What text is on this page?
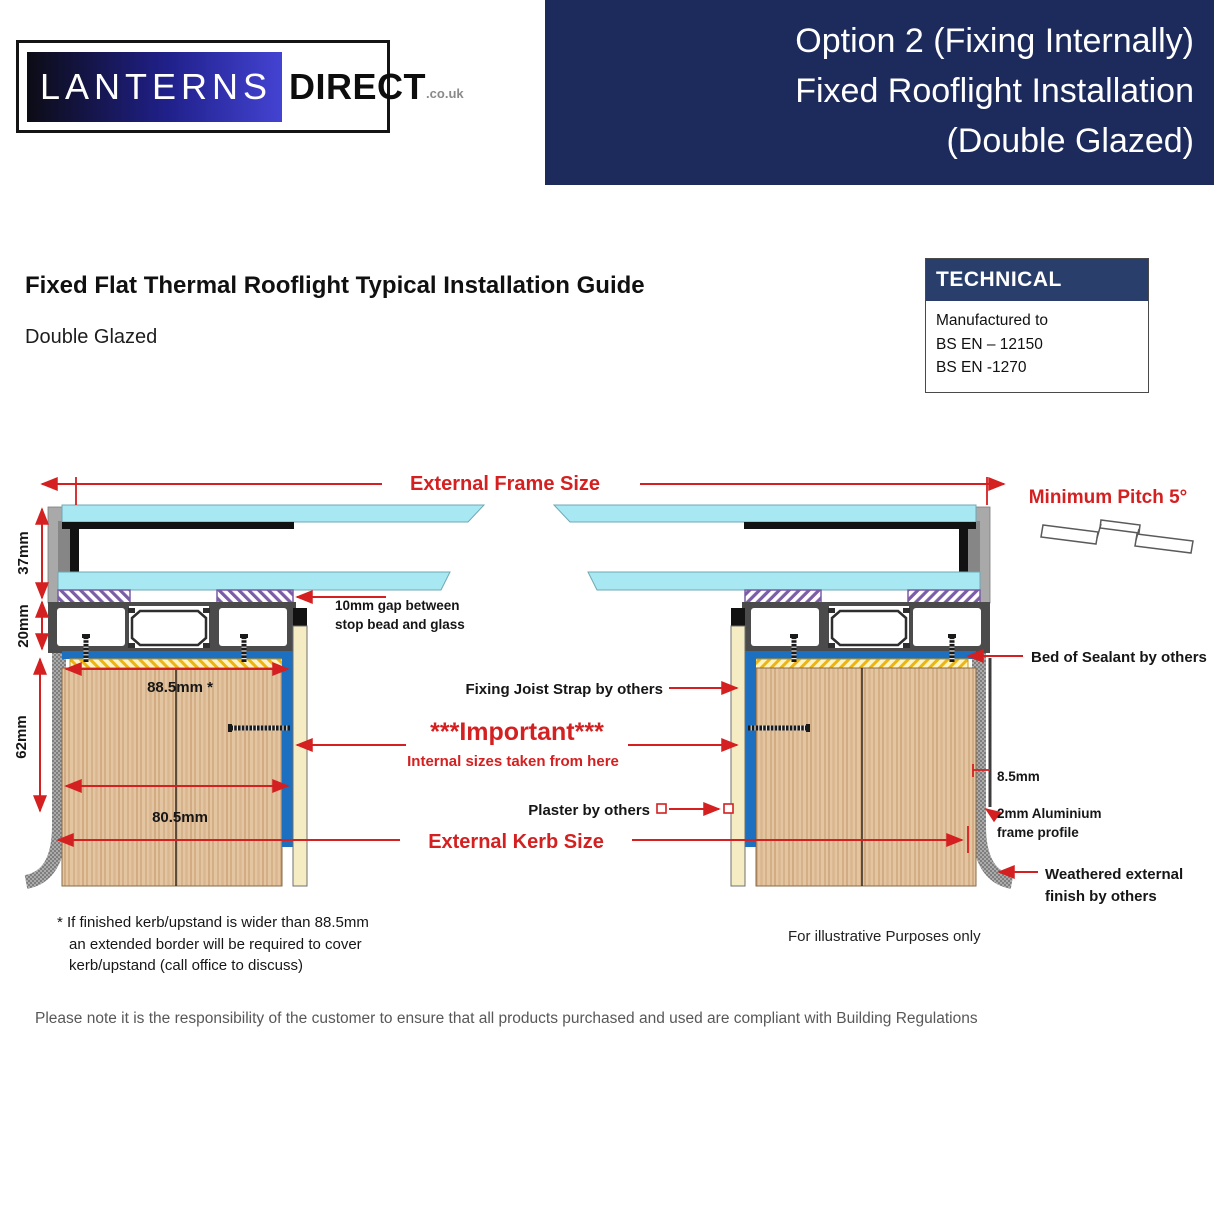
LANTERNS DIRECT .co.uk
Option 2 (Fixing Internally)
Fixed Rooflight Installation
(Double Glazed)
Fixed Flat Thermal Rooflight Typical Installation Guide
Double Glazed
TECHNICAL
Manufactured to
BS EN – 12150
BS EN -1270
External Frame Size
37mm
20mm
62mm
88.5mm *
80.5mm
External Kerb Size
10mm gap between
stop bead and glass
Fixing Joist Strap by others
***Important***
Internal sizes taken from here
Plaster by others
Bed of Sealant by others
8.5mm
2mm Aluminium
frame profile
Weathered external
finish by others
Minimum Pitch 5°
* If finished kerb/upstand is wider than 88.5mm
an extended border will be required to cover
kerb/upstand (call office to discuss)
For illustrative Purposes only
Please note it is the responsibility of the customer to ensure that all products purchased and used are compliant with Building Regulations
